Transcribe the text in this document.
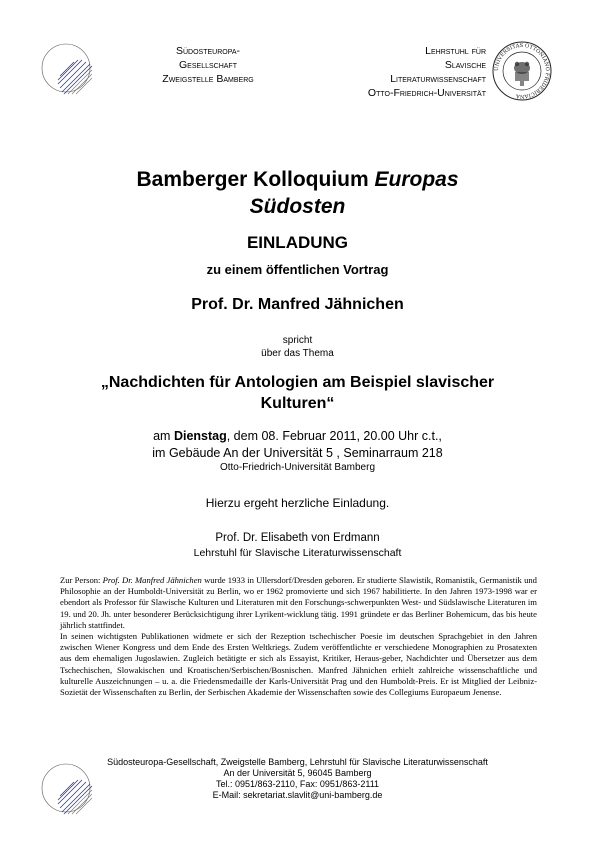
Südosteuropa-
Gesellschaft
Zweigstelle Bamberg
Lehrstuhl für
Slavische
Literaturwissenschaft
Otto-Friedrich-Universität
UNIVERSITAS OTTONIANO FRIDERICIANA
Bamberger Kolloquium Europas
Südosten
EINLADUNG
zu einem öffentlichen Vortrag
Prof. Dr. Manfred Jähnichen
spricht
über das Thema
„Nachdichten für Antologien am Beispiel slavischer
Kulturen“
am Dienstag, dem 08. Februar 2011, 20.00 Uhr c.t.,
im Gebäude An der Universität 5 , Seminarraum 218
Otto-Friedrich-Universität Bamberg
Hierzu ergeht herzliche Einladung.
Prof. Dr. Elisabeth von Erdmann
Lehrstuhl für Slavische Literaturwissenschaft

Zur Person: Prof. Dr. Manfred Jähnichen wurde 1933 in Ullersdorf/Dresden geboren. Er studierte Slawistik, Romanistik, Germanistik und Philosophie an der Humboldt-Universität zu Berlin, wo er 1962 promovierte und sich 1967 habilitierte. In den Jahren 1973-1998 war er ebendort als Professor für Slawische Kulturen und Literaturen mit den Forschungs-schwerpunkten West- und Südslawische Literaturen im 19. und 20. Jh. unter besonderer Berücksichtigung ihrer Lyrikent-wicklung tätig. 1991 gründete er das Berliner Bohemicum, das bis heute jährlich stattfindet.

In seinen wichtigsten Publikationen widmete er sich der Rezeption tschechischer Poesie im deutschen Sprachgebiet in den Jahren zwischen Wiener Kongress und dem Ende des Ersten Weltkriegs. Zudem veröffentlichte er verschiedene Monographien zu Prosatexten aus dem ehemaligen Jugoslawien. Zugleich betätigte er sich als Essayist, Kritiker, Heraus-geber, Nachdichter und Übersetzer aus dem Tschechischen, Slowakischen und Kroatischen/Serbischen/Bosnischen. Manfred Jähnichen erhielt zahlreiche wissenschaftliche und kulturelle Auszeichnungen – u. a. die Friedensmedaille der Karls-Universität Prag und den Humboldt-Preis. Er ist Mitglied der Leibniz-Sozietät der Wissenschaften zu Berlin, der Serbischen Akademie der Wissenschaften sowie des Collegiums Europaeum Jenense.

Südosteuropa-Gesellschaft, Zweigstelle Bamberg, Lehrstuhl für Slavische Literaturwissenschaft
An der Universität 5, 96045 Bamberg
Tel.: 0951/863-2110, Fax: 0951/863-2111
E-Mail: sekretariat.slavlit@uni-bamberg.de
